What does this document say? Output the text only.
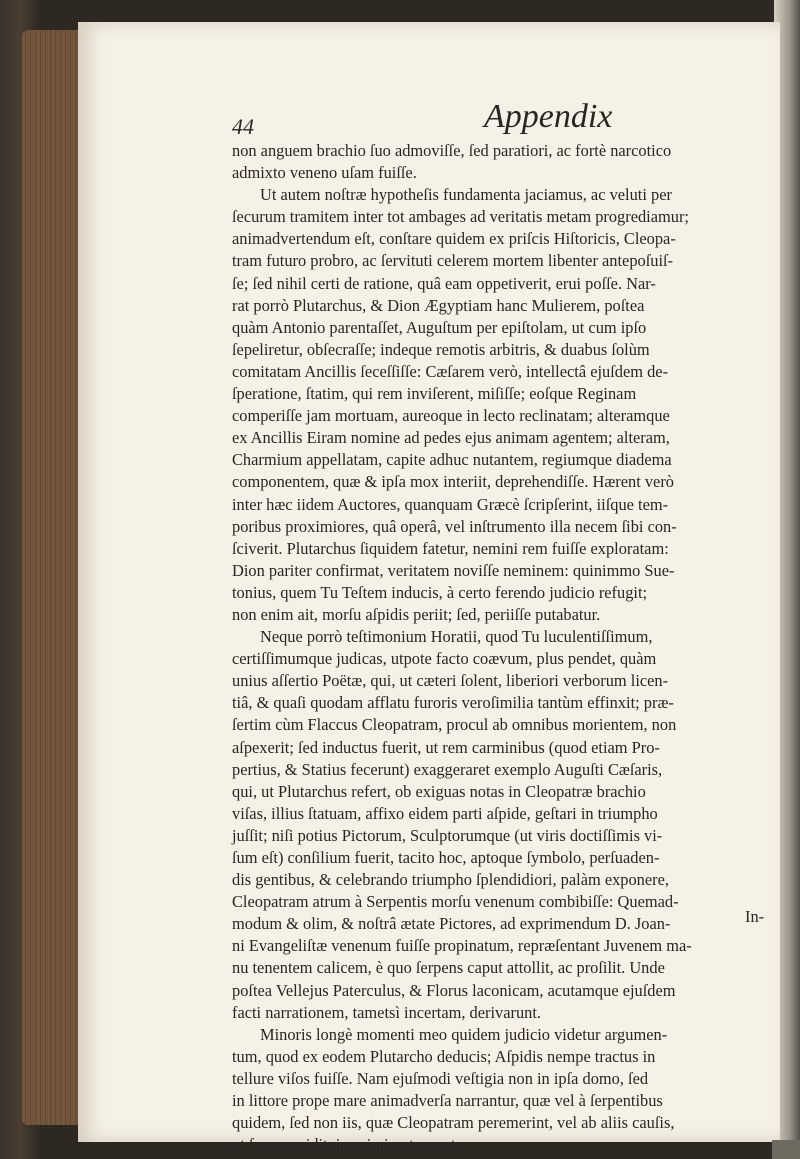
44	Appendix
non anguem brachio ſuo admoviſſe, ſed paratiori, ac fortè narcotico
admixto veneno uſam fuiſſe.
Ut autem noſtræ hypotheſis fundamenta jaciamus, ac veluti per
ſecurum tramitem inter tot ambages ad veritatis metam progrediamur;
animadvertendum eſt, conſtare quidem ex priſcis Hiſtoricis, Cleopa-
tram futuro probro, ac ſervituti celerem mortem libenter antepoſuiſ-
ſe; ſed nihil certi de ratione, quâ eam oppetiverit, erui poſſe. Nar-
rat porrò Plutarchus, & Dion Ægyptiam hanc Mulierem, poſtea
quàm Antonio parentaſſet, Auguſtum per epiſtolam, ut cum ipſo
ſepeliretur, obſecraſſe; indeque remotis arbitris, & duabus ſolùm
comitatam Ancillis ſeceſſiſſe: Cæſarem verò, intellectâ ejuſdem de-
ſperatione, ſtatim, qui rem inviſerent, miſiſſe; eoſque Reginam
comperiſſe jam mortuam, aureoque in lecto reclinatam; alteramque
ex Ancillis Eiram nomine ad pedes ejus animam agentem; alteram,
Charmium appellatam, capite adhuc nutantem, regiumque diadema
componentem, quæ & ipſa mox interiit, deprehendiſſe. Hærent verò
inter hæc iidem Auctores, quanquam Græcè ſcripſerint, iiſque tem-
poribus proximiores, quâ operâ, vel inſtrumento illa necem ſibi con-
ſciverit. Plutarchus ſiquidem fatetur, nemini rem fuiſſe exploratam:
Dion pariter confirmat, veritatem noviſſe neminem: quinimmo Sue-
tonius, quem Tu Teſtem inducis, à certo ferendo judicio refugit;
non enim ait, morſu aſpidis periit; ſed, periiſſe putabatur.
Neque porrò teſtimonium Horatii, quod Tu luculentiſſimum,
certiſſimumque judicas, utpote facto coævum, plus pendet, quàm
unius aſſertio Poëtæ, qui, ut cæteri ſolent, liberiori verborum licen-
tiâ, & quaſi quodam afflatu furoris veroſimilia tantùm effinxit; præ-
ſertim cùm Flaccus Cleopatram, procul ab omnibus morientem, non
aſpexerit; ſed inductus fuerit, ut rem carminibus (quod etiam Pro-
pertius, & Statius fecerunt) exaggeraret exemplo Auguſti Cæſaris,
qui, ut Plutarchus refert, ob exiguas notas in Cleopatræ brachio
viſas, illius ſtatuam, affixo eidem parti aſpide, geſtari in triumpho
juſſit; niſi potius Pictorum, Sculptorumque (ut viris doctiſſimis vi-
ſum eſt) conſilium fuerit, tacito hoc, aptoque ſymbolo, perſuaden-
dis gentibus, & celebrando triumpho ſplendidiori, palàm exponere,
Cleopatram atrum à Serpentis morſu venenum combibiſſe: Quemad-
modum & olim, & noſtrâ ætate Pictores, ad exprimendum D. Joan-
ni Evangeliſtæ venenum fuiſſe propinatum, repræſentant Juvenem ma-
nu tenentem calicem, è quo ſerpens caput attollit, ac proſilit. Unde
poſtea Vellejus Paterculus, & Florus laconicam, acutamque ejuſdem
facti narrationem, tametsì incertam, derivarunt.
Minoris longè momenti meo quidem judicio videtur argumen-
tum, quod ex eodem Plutarcho deducis; Aſpidis nempe tractus in
tellure viſos fuiſſe. Nam ejuſmodi veſtigia non in ipſa domo, ſed
in littore prope mare animadverſa narrantur, quæ vel à ſerpentibus
quidem, ſed non iis, quæ Cleopatram peremerint, vel ab aliis cauſis,
ut ſæpe accidit, imprimi potuerunt.
In-
